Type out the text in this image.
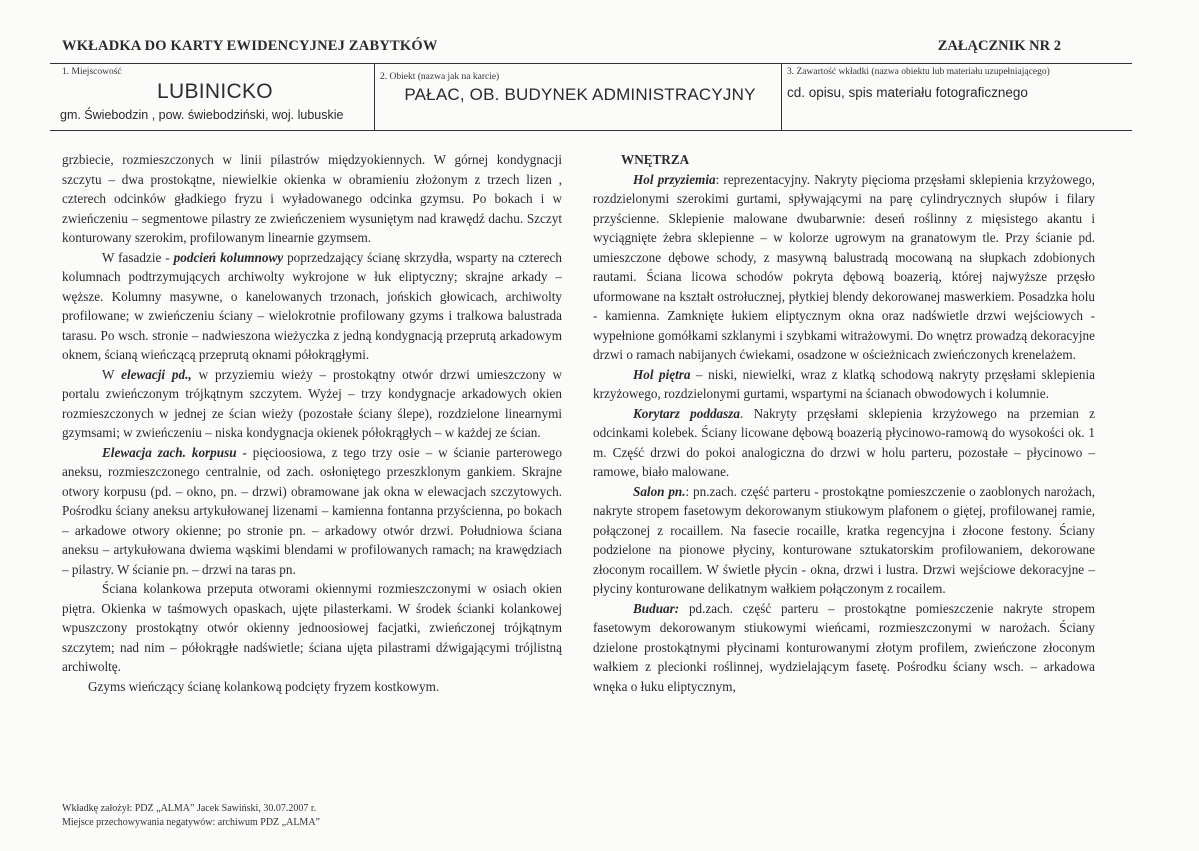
WKŁADKA DO KARTY EWIDENCYJNEJ ZABYTKÓW	ZAŁĄCZNIK NR 2
1. Miejscowość
LUBINICKO
gm. Świebodzin , pow. świebodziński, woj. lubuskie
2. Obiekt (nazwa jak na karcie)
PAŁAC, OB. BUDYNEK ADMINISTRACYJNY
3. Zawartość wkładki (nazwa obiektu lub materiału uzupełniającego)
cd. opisu, spis materiału fotograficznego

grzbiecie, rozmieszczonych w linii pilastrów międzyokiennych. W górnej kondygnacji szczytu – dwa prostokątne, niewielkie okienka w obramieniu złożonym z trzech lizen , czterech odcinków gładkiego fryzu i wyładowanego odcinka gzymsu. Po bokach i w zwieńczeniu – segmentowe pilastry ze zwieńczeniem wysuniętym nad krawędź dachu. Szczyt konturowany szerokim, profilowanym linearnie gzymsem.

W fasadzie - podcień kolumnowy poprzedzający ścianę skrzydła, wsparty na czterech kolumnach podtrzymujących archiwolty wykrojone w łuk eliptyczny; skrajne arkady – węższe. Kolumny masywne, o kanelowanych trzonach, jońskich głowicach, archiwolty profilowane; w zwieńczeniu ściany – wielokrotnie profilowany gzyms i tralkowa balustrada tarasu. Po wsch. stronie – nadwieszona wieżyczka z jedną kondygnacją przeprutą arkadowym oknem, ścianą wieńczącą przeprutą oknami półokrągłymi.

W elewacji pd., w przyziemiu wieży – prostokątny otwór drzwi umieszczony w portalu zwieńczonym trójkątnym szczytem. Wyżej – trzy kondygnacje arkadowych okien rozmieszczonych w jednej ze ścian wieży (pozostałe ściany ślepe), rozdzielone linearnymi gzymsami; w zwieńczeniu – niska kondygnacja okienek półokrągłych – w każdej ze ścian.

Elewacja zach. korpusu - pięcioosiowa, z tego trzy osie – w ścianie parterowego aneksu, rozmieszczonego centralnie, od zach. osłoniętego przeszklonym gankiem. Skrajne otwory korpusu (pd. – okno, pn. – drzwi) obramowane jak okna w elewacjach szczytowych. Pośrodku ściany aneksu artykułowanej lizenami – kamienna fontanna przyścienna, po bokach – arkadowe otwory okienne; po stronie pn. – arkadowy otwór drzwi. Południowa ściana aneksu – artykułowana dwiema wąskimi blendami w profilowanych ramach; na krawędziach – pilastry. W ścianie pn. – drzwi na taras pn.

Ściana kolankowa przeputa otworami okiennymi rozmieszczonymi w osiach okien piętra. Okienka w taśmowych opaskach, ujęte pilasterkami. W środek ścianki kolankowej wpuszczony prostokątny otwór okienny jednoosiowej facjatki, zwieńczonej trójkątnym szczytem; nad nim – półokrągłe nadświetle; ściana ujęta pilastrami dźwigającymi trójlistną archiwoltę.

Gzyms wieńczący ścianę kolankową podcięty fryzem kostkowym.

WNĘTRZA

Hol przyziemia: reprezentacyjny. Nakryty pięcioma przęsłami sklepienia krzyżowego, rozdzielonymi szerokimi gurtami, spływającymi na parę cylindrycznych słupów i filary przyścienne. Sklepienie malowane dwubarwnie: deseń roślinny z mięsistego akantu i wyciągnięte żebra sklepienne – w kolorze ugrowym na granatowym tle. Przy ścianie pd. umieszczone dębowe schody, z masywną balustradą mocowaną na słupkach zdobionych rautami. Ściana licowa schodów pokryta dębową boazerią, której najwyższe przęsło uformowane na kształt ostrołucznej, płytkiej blendy dekorowanej maswerkiem. Posadzka holu - kamienna. Zamknięte łukiem eliptycznym okna oraz nadświetle drzwi wejściowych - wypełnione gomółkami szklanymi i szybkami witrażowymi. Do wnętrz prowadzą dekoracyjne drzwi o ramach nabijanych ćwiekami, osadzone w ościeżnicach zwieńczonych krenelażem.

Hol piętra – niski, niewielki, wraz z klatką schodową nakryty przęsłami sklepienia krzyżowego, rozdzielonymi gurtami, wspartymi na ścianach obwodowych i kolumnie.

Korytarz poddasza. Nakryty przęsłami sklepienia krzyżowego na przemian z odcinkami kolebek. Ściany licowane dębową boazerią płycinowo-ramową do wysokości ok. 1 m. Część drzwi do pokoi analogiczna do drzwi w holu parteru, pozostałe – płycinowo – ramowe, biało malowane.

Salon pn.: pn.zach. część parteru - prostokątne pomieszczenie o zaoblonych narożach, nakryte stropem fasetowym dekorowanym stiukowym plafonem o giętej, profilowanej ramie, połączonej z rocaillem. Na fasecie rocaille, kratka regencyjna i złocone festony. Ściany podzielone na pionowe płyciny, konturowane sztukatorskim profilowaniem, dekorowane złoconym rocaillem. W świetle płycin - okna, drzwi i lustra. Drzwi wejściowe dekoracyjne – płyciny konturowane delikatnym wałkiem połączonym z rocailem.

Buduar: pd.zach. część parteru – prostokątne pomieszczenie nakryte stropem fasetowym dekorowanym stiukowymi wieńcami, rozmieszczonymi w narożach. Ściany dzielone prostokątnymi płycinami konturowanymi złotym profilem, zwieńczone złoconym wałkiem z plecionki roślinnej, wydzielającym fasetę. Pośrodku ściany wsch. – arkadowa wnęka o łuku eliptycznym,

Wkładkę założył: PDZ „ALMA” Jacek Sawiński, 30.07.2007 r.
Miejsce przechowywania negatywów: archiwum PDZ „ALMA”
